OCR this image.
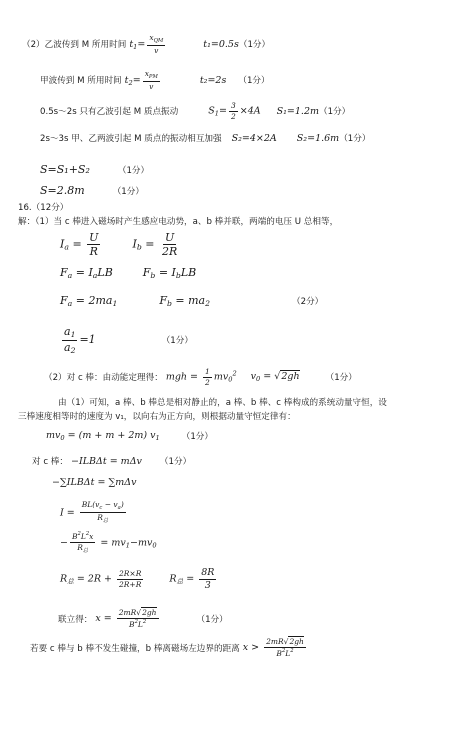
（2）乙波传到 M 所用时间 $t_1= \frac{x_{QM}}{v}$	t₁=0.5s （1分）
甲波传到 M 所用时间 $t_2= \frac{x_{PM}}{v}$	t₂=2s （1分）
0.5s～2s 只有乙波引起 M 质点振动	$S_1= \frac{3}{2} \times 4A$ S₁=1.2m （1分）
2s～3s 甲、乙两波引起 M 质点的振动相互加强 S₂=4×2A S₂=1.6m （1分）
S=S₁+S₂	（1分）
S=2.8m	（1分）
16.（12分）
解：（1）当 c 棒进入磁场时产生感应电动势，a、b 棒并联，两端的电压 U 总相等，
$I_a = \frac{U}{R}$	$I_b = \frac{U}{2R}$
$F_a = I_aLB$	$F_b = I_bLB$
$F_a = 2ma_1$	$F_b = ma_2$	（2分）
$\frac{a_1}{a_2} =1$	（1分）
（2）对 c 棒：由动能定理得： mgh = $\frac{1}{2} mv_0^2$ $v_0 = √2gh$	（1分）
由（1）可知，a 棒、b 棒总是相对静止的，a 棒、b 棒、c 棒构成的系统动量守恒，设
三棒速度相等时的速度为 v₁，以向右为正方向，则根据动量守恒定律有：
$mv_0 = (m + m + 2m)$ $v_1$	（1分）
对 c 棒： −ILBΔt = mΔv （1分）
−∑ILBΔt = ∑mΔv
$I = \frac{BL(v_c - v_a)}{R_总}$
− $\frac{B^2L^2x}{R_总} = mv_1-mv_0$
$R_总 = 2R + \frac{2R\times R}{2R+R}$	$R_总 = \frac{8R}{3}$
联立得： $x = \frac{2mR√2gh}{B^2L^2}$	（1分）
若要 c 棒与 b 棒不发生碰撞，b 棒离磁场左边界的距离 $x > \frac{2mR√2gh}{B^2L^2}$
